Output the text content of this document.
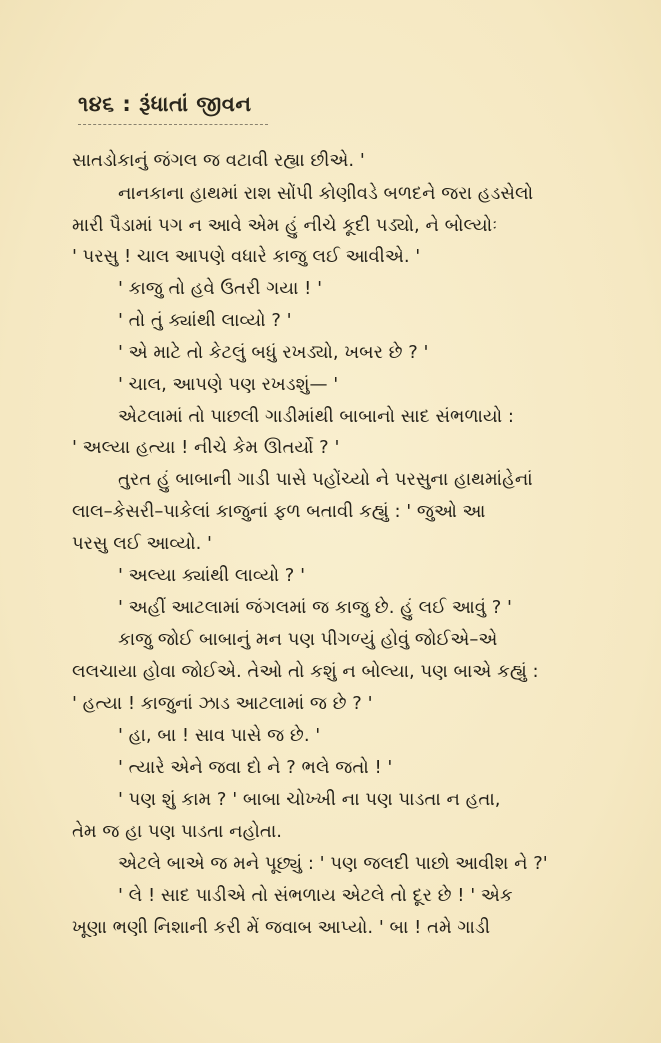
૧૪૬ : રૂંધાતાં જીવન
સાતડોકાનું જંગલ જ વટાવી રહ્યા છીએ. '
નાનકાના હાથમાં રાશ સોંપી કોણીવડે બળદને જરા હડસેલો
મારી પૈડામાં પગ ન આવે એમ હું નીચે કૂદી પડ્યો, ને બોલ્યોઃ
' પરસુ ! ચાલ આપણે વધારે કાજુ લઈ આવીએ. '
' કાજુ તો હવે ઉતરી ગયા ! '
' તો તું ક્યાંથી લાવ્યો ? '
' એ માટે તો કેટલું બધું રખડ્યો, ખબર છે ? '
' ચાલ, આપણે પણ રખડશું— '
એટલામાં તો પાછલી ગાડીમાંથી બાબાનો સાદ સંભળાયો :
' અલ્યા હત્યા ! નીચે કેમ ઊતર્યો ? '
તુરત હું બાબાની ગાડી પાસે પહોંચ્યો ને પરસુના હાથમાંહેનાં
લાલ–કેસરી–પાકેલાં કાજુનાં ફળ બતાવી કહ્યું : ' જુઓ આ
પરસુ લઈ આવ્યો. '
' અલ્યા ક્યાંથી લાવ્યો ? '
' અહીં આટલામાં જંગલમાં જ કાજુ છે. હું લઈ આવું ? '
કાજુ જોઈ બાબાનું મન પણ પીગળ્યું હોવું જોઈએ–એ
લલચાયા હોવા જોઈએ. તેઓ તો કશું ન બોલ્યા, પણ બાએ કહ્યું :
' હત્યા ! કાજુનાં ઝાડ આટલામાં જ છે ? '
' હા, બા ! સાવ પાસે જ છે. '
' ત્યારે એને જવા દો ને ? ભલે જતો ! '
' પણ શું કામ ? ' બાબા ચોખ્ખી ના પણ પાડતા ન હતા,
તેમ જ હા પણ પાડતા નહોતા.
એટલે બાએ જ મને પૂછ્યું : ' પણ જલદી પાછો આવીશ ને ?'
' લે ! સાદ પાડીએ તો સંભળાય એટલે તો દૂર છે ! ' એક
ખૂણા ભણી નિશાની કરી મેં જવાબ આપ્યો. ' બા ! તમે ગાડી
